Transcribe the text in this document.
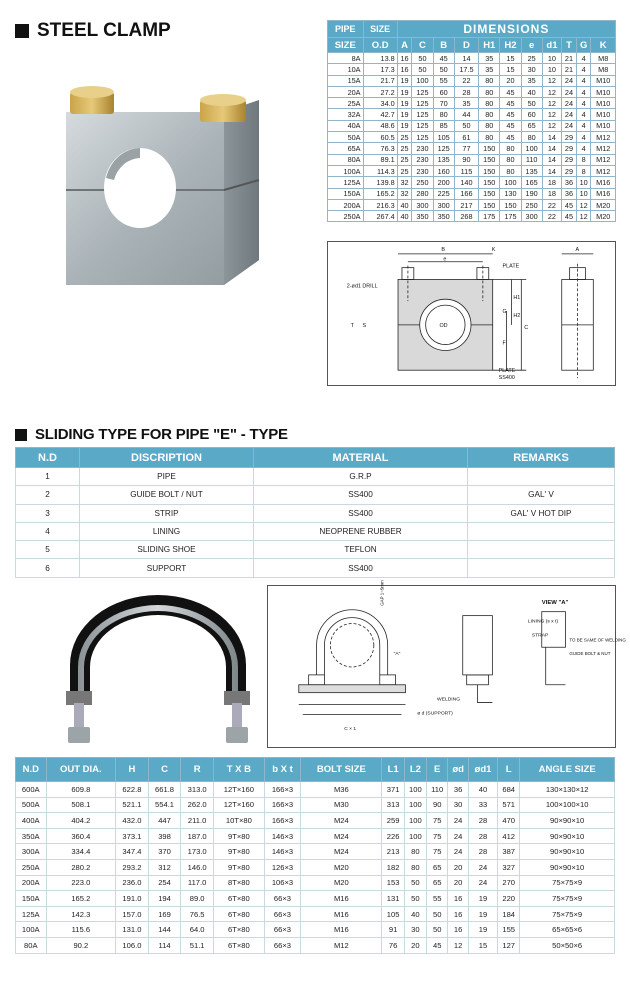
STEEL CLAMP	PIPE	SIZE	DIMENSIONS										
SIZE	O.D	A	C	B	D	H1	H2	e	d1	T	G	K
8A	13.8	16	50	45	14	35	15	25	10	21	4	M8
10A	17.3	16	50	50	17.5	35	15	30	10	21	4	M8
15A	21.7	19	100	55	22	80	20	35	12	24	4	M10
20A	27.2	19	125	60	28	80	45	40	12	24	4	M10
25A	34.0	19	125	70	35	80	45	50	12	24	4	M10
32A	42.7	19	125	80	44	80	45	60	12	24	4	M10
40A	48.6	19	125	85	50	80	45	65	12	24	4	M10
50A	60.5	25	125	105	61	80	45	80	14	29	4	M12
65A	76.3	25	230	125	77	150	80	100	14	29	4	M12
80A	89.1	25	230	135	90	150	80	110	14	29	8	M12
100A	114.3	25	230	160	115	150	80	135	14	29	8	M12
125A	139.8	32	250	200	140	150	100	165	18	36	10	M16
150A	165.2	32	280	225	166	150	130	190	18	36	10	M16
200A	216.3	40	300	300	217	150	150	250	22	45	12	M20
250A	267.4	40	350	350	268	175	175	300	22	45	12	M20
B
e
K	A
2-ød1 DRILL
PLATE
PLATE
SS400
OD
H1
H2
G
C
F
T S
SLIDING TYPE FOR PIPE "E" - TYPE
N.D	DISCRIPTION	MATERIAL	REMARKS
1	PIPE	G.R.P	
2	GUIDE BOLT / NUT	SS400	GAL' V
3	STRIP	SS400	GAL' V HOT DIP
4	LINING	NEOPRENE RUBBER	
5	SLIDING SHOE	TEFLON	
6	SUPPORT	SS400	
VIEW "A"
LINING (s x t)
STRAP
TO BE SAME OF WELDING
GUIDE BOLT & NUT
WELDING
ø d (SUPPORT)
C × 1
"A"
GAP 1~5mm
N.D	OUT DIA.	H	C	R	T X B	b X t	BOLT SIZE	L1	L2	E	ød	ød1	L	ANGLE SIZE
600A	609.8	622.8	661.8	313.0	12T×160	166×3	M36	371	100	110	36	40	684	130×130×12
500A	508.1	521.1	554.1	262.0	12T×160	166×3	M30	313	100	90	30	33	571	100×100×10
400A	404.2	432.0	447	211.0	10T×80	166×3	M24	259	100	75	24	28	470	90×90×10
350A	360.4	373.1	398	187.0	9T×80	146×3	M24	226	100	75	24	28	412	90×90×10
300A	334.4	347.4	370	173.0	9T×80	146×3	M24	213	80	75	24	28	387	90×90×10
250A	280.2	293.2	312	146.0	9T×80	126×3	M20	182	80	65	20	24	327	90×90×10
200A	223.0	236.0	254	117.0	8T×80	106×3	M20	153	50	65	20	24	270	75×75×9
150A	165.2	191.0	194	89.0	6T×80	66×3	M16	131	50	55	16	19	220	75×75×9
125A	142.3	157.0	169	76.5	6T×80	66×3	M16	105	40	50	16	19	184	75×75×9
100A	115.6	131.0	144	64.0	6T×80	66×3	M16	91	30	50	16	19	155	65×65×6
80A	90.2	106.0	114	51.1	6T×80	66×3	M12	76	20	45	12	15	127	50×50×6
